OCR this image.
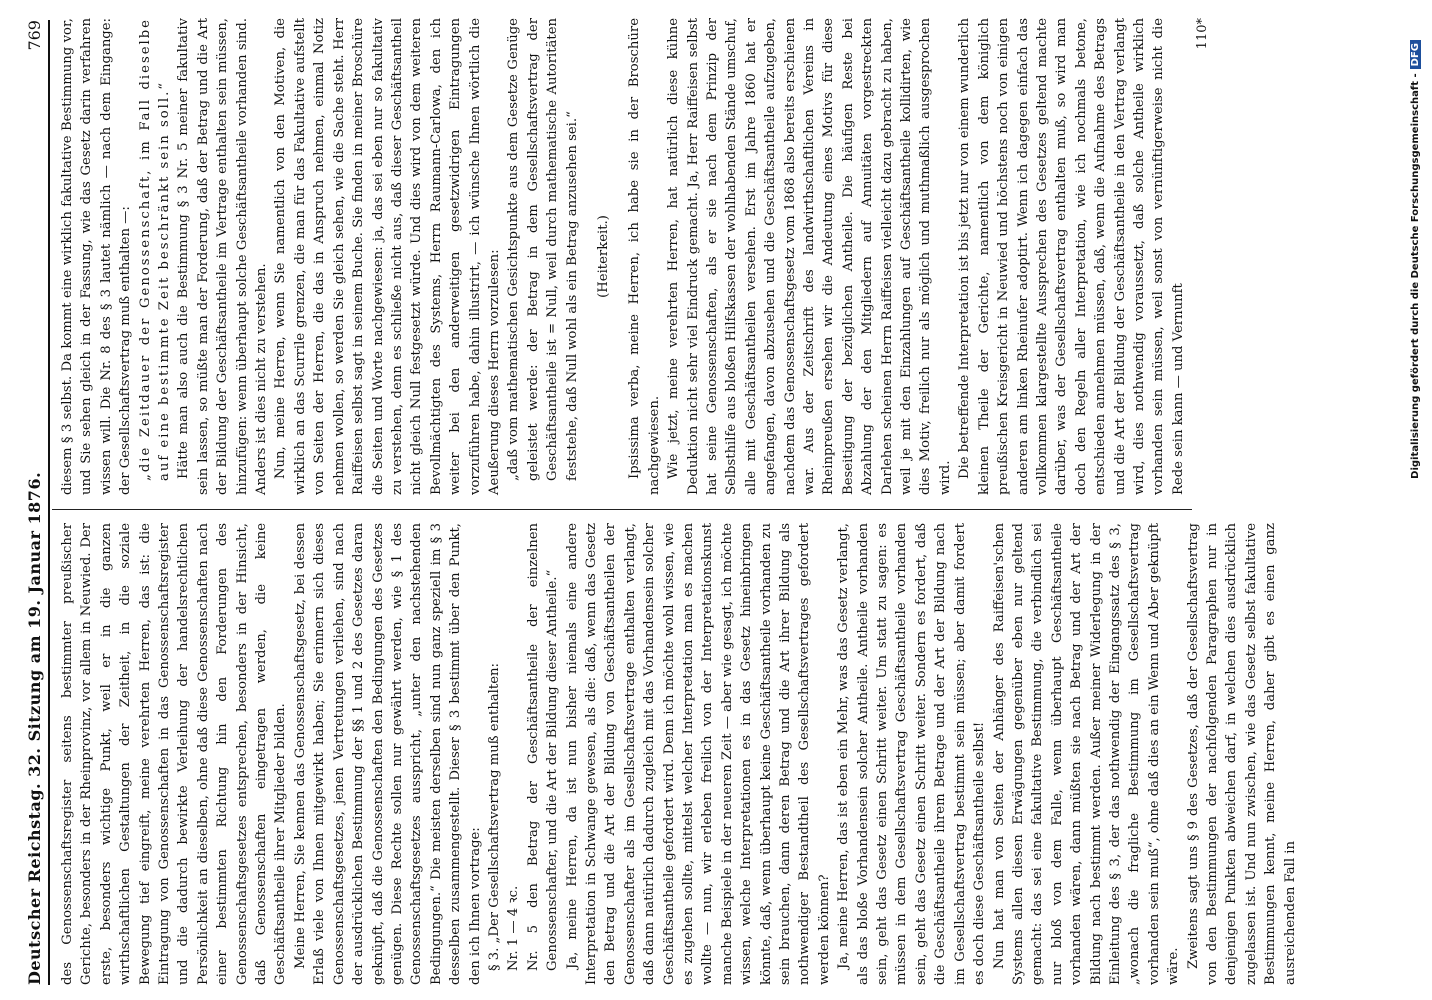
Deutscher Reichstag. 32. Sitzung am 19. Januar 1876.
769

des Genossenschaftsregister seitens bestimmter preußischer Gerichte, besonders in der Rheinprovinz, vor allem in Neuwied. Der erste, besonders wichtige Punkt, weil er in die ganzen wirthschaftlichen Gestaltungen der Zeitheit, in die soziale Bewegung tief eingreift, meine verehrten Herren, das ist: die Eintragung von Genossenschaften in das Genossenschaftsregister und die dadurch bewirkte Verleihung der handelsrechtlichen Persönlichkeit an dieselben, ohne daß diese Genossenschaften nach einer bestimmten Richtung hin den Forderungen des Genossenschaftsgesetzes entsprechen, besonders in der Hinsicht, daß Genossenschaften eingetragen werden, die keine Geschäftsantheile ihrer Mitglieder bilden. Meine Herren, Sie kennen das Genossenschaftsgesetz, bei dessen Erlaß viele von Ihnen mitgewirkt haben; Sie erinnern sich dieses Genossenschaftsgesetzes, jenen Vertretungen verliehen, sind nach der ausdrücklichen Bestimmung der §§ 1 und 2 des Gesetzes daran geknüpft, daß die Genossenschaften den Bedingungen des Gesetzes genügen. Diese Rechte sollen nur gewährt werden, wie § 1 des Genossenschaftsgesetzes ausspricht, „unter den nachstehenden Bedingungen.“ Die meisten derselben sind nun ganz speziell im § 3 desselben zusammengestellt. Dieser § 3 bestimmt über den Punkt, den ich Ihnen vortrage: § 3. „Der Gesellschaftsvertrag muß enthalten: Nr. 1 — 4 ꝛc. Nr. 5 den Betrag der Geschäftsantheile der einzelnen Genossenschafter, und die Art der Bildung dieser Antheile.“ Ja, meine Herren, da ist nun bisher niemals eine andere Interpretation in Schwange gewesen, als die: daß, wenn das Gesetz den Betrag und die Art der Bildung von Geschäftsantheilen der Genossenschafter als im Gesellschaftsvertrage enthalten verlangt, daß dann natürlich dadurch zugleich mit das Vorhandensein solcher Geschäftsantheile gefordert wird. Denn ich möchte wohl wissen, wie es zugehen sollte, mittelst welcher Interpretation man es machen wollte — nun, wir erleben freilich von der Interpretationskunst manche Beispiele in der neueren Zeit — aber wie gesagt, ich möchte wissen, welche Interpretationen es in das Gesetz hineinbringen könnte, daß, wenn überhaupt keine Geschäftsantheile vorhanden zu sein brauchen, dann deren Betrag und die Art ihrer Bildung als nothwendiger Bestandtheil des Gesellschaftsvertrages gefordert werden können? Ja, meine Herren, das ist eben ein Mehr, was das Gesetz verlangt, als das bloße Vorhandensein solcher Antheile. Antheile vorhanden sein, geht das Gesetz einen Schritt weiter. Um statt zu sagen: es müssen in dem Gesellschaftsvertrag Geschäftsantheile vorhanden sein, geht das Gesetz einen Schritt weiter. Sondern es fordert, daß die Geschäftsantheile ihrem Betrage und der Art der Bildung nach im Gesellschaftsvertrag bestimmt sein müssen; aber damit fordert es doch diese Geschäftsantheile selbst! Nun hat man von Seiten der Anhänger des Raiffeisen'schen Systems allen diesen Erwägungen gegenüber eben nur geltend gemacht: das sei eine fakultative Bestimmung, die verbindlich sei nur bloß von dem Falle, wenn überhaupt Geschäftsantheile vorhanden wären, dann müßten sie nach Betrag und der Art der Bildung nach bestimmt werden. Außer meiner Widerlegung in der Einleitung des § 3, der das nothwendig der Eingangssatz des § 3, „wonach die fragliche Bestimmung im Gesellschaftsvertrag vorhanden sein muß“, ohne daß dies an ein Wenn und Aber geknüpft wäre. Zweitens sagt uns § 9 des Gesetzes, daß der Gesellschaftsvertrag von den Bestimmungen der nachfolgenden Paragraphen nur in denjenigen Punkten abweichen darf, in welchen dies ausdrücklich zugelassen ist. Und nun zwischen, wie das Gesetz selbst fakultative Bestimmungen kennt, meine Herren, daher gibt es einen ganz ausreichenden Fall in

diesem § 3 selbst. Da kommt eine wirklich fakultative Bestimmung vor, und Sie sehen gleich in der Fassung, wie das Gesetz darin verfahren wissen will. Die Nr. 8 des § 3 lautet nämlich — nach dem Eingange: der Gesellschaftsvertrag muß enthalten —: „die Zeitdauer der Genossenschaft, im Fall dieselbe auf eine bestimmte Zeit beschränkt sein soll.“ Hätte man also auch die Bestimmung § 3 Nr. 5 meiner fakultativ sein lassen, so müßte man der Forderung, daß der Betrag und die Art der Bildung der Geschäftsantheile im Vertrage enthalten sein müssen, hinzufügen: wenn überhaupt solche Geschäftsantheile vorhanden sind. Anders ist dies nicht zu verstehen. Nun, meine Herren, wenn Sie namentlich von den Motiven, die wirklich an das Scurrile grenzen, die man für das Fakultative aufstellt von Seiten der Herren, die das in Anspruch nehmen, einmal Notiz nehmen wollen, so werden Sie gleich sehen, wie die Sache steht. Herr Raiffeisen selbst sagt in seinem Buche. Sie finden in meiner Broschüre die Seiten und Worte nachgewiesen: ja, das sei eben nur so fakultativ zu verstehen, denn es schließe nicht aus, daß dieser Geschäftsantheil nicht gleich Null festgesetzt würde. Und dies wird von dem weiteren Bevollmächtigten des Systems, Herrn Raumann-Carlowa, den ich weiter bei den anderweitigen gesetzwidrigen Eintragungen vorzuführen habe, dahin illustrirt, — ich wünsche Ihnen wörtlich die Aeußerung dieses Herrn vorzulesen: „daß vom mathematischen Gesichtspunkte aus dem Gesetze Genüge geleistet werde: der Betrag in dem Gesellschaftsvertrag der Geschäftsantheile ist = Null, weil durch mathematische Autoritäten feststehe, daß Null wohl als ein Betrag anzusehen sei.“ (Heiterkeit.) Ipsissima verba, meine Herren, ich habe sie in der Broschüre nachgewiesen. Wie jetzt, meine verehrten Herren, hat natürlich diese kühne Deduktion nicht sehr viel Eindruck gemacht. Ja, Herr Raiffeisen selbst hat seine Genossenschaften, als er sie nach dem Prinzip der Selbsthilfe aus bloßen Hilfskassen der wohlhabenden Stände umschuf, alle mit Geschäftsantheilen versehen. Erst im Jahre 1860 hat er angefangen, davon abzusehen und die Geschäftsantheile aufzugeben, nachdem das Genossenschaftsgesetz vom 1868 also bereits erschienen war. Aus der Zeitschrift des landwirthschaftlichen Vereins in Rheinpreußen ersehen wir die Andeutung eines Motivs für diese Beseitigung der bezüglichen Antheile. Die häufigen Reste bei Abzahlung der den Mitgliedern auf Annuitäten vorgestreckten Darlehen scheinen Herrn Raiffeisen vielleicht dazu gebracht zu haben, weil je mit den Einzahlungen auf Geschäftsantheile kollidirten, wie dies Motiv, freilich nur als möglich und muthmaßlich ausgesprochen wird. Die betreffende Interpretation ist bis jetzt nur von einem wunderlich kleinen Theile der Gerichte, namentlich von dem königlich preußischen Kreisgericht in Neuwied und höchstens noch von einigen anderen am linken Rheinufer adoptirt. Wenn ich dagegen einfach das vollkommen klargestellte Aussprechen des Gesetzes geltend machte darüber, was der Gesellschaftsvertrag enthalten muß, so wird man doch den Regeln aller Interpretation, wie ich nochmals betone, entschieden annehmen müssen, daß, wenn die Aufnahme des Betrags und die Art der Bildung der Geschäftsantheile in den Vertrag verlangt wird, dies nothwendig voraussetzt, daß solche Antheile wirklich vorhanden sein müssen, weil sonst von vernünftigerweise nicht die Rede sein kann — und Vernunft

110*
Digitalisierung gefördert durch die Deutsche Forschungsgemeinschaft -DFG
